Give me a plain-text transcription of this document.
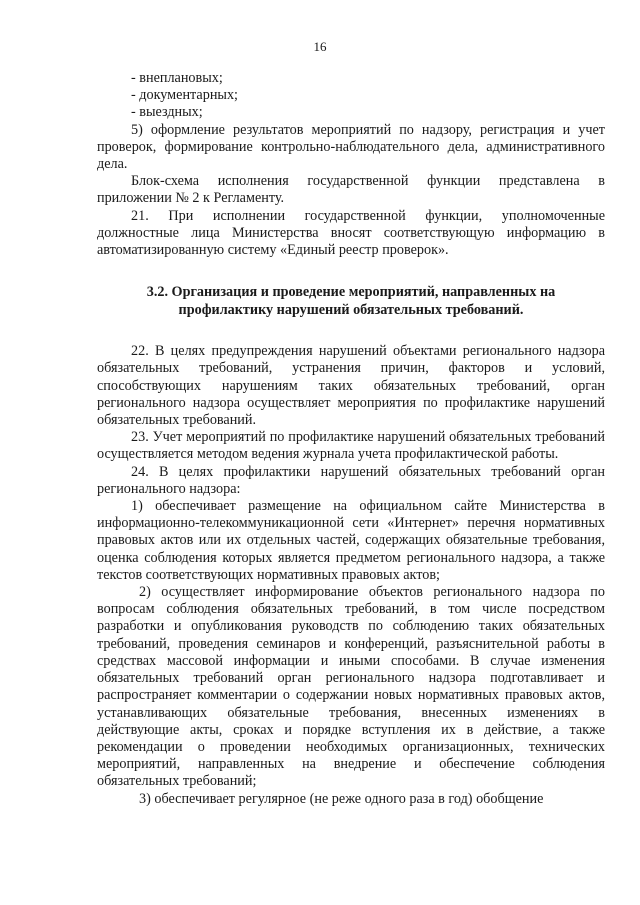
16

- внеплановых;

- документарных;

- выездных;

5) оформление результатов мероприятий по надзору, регистрация и учет проверок, формирование контрольно-наблюдательного дела, административного дела.

Блок-схема исполнения государственной функции представлена в приложении № 2 к Регламенту.

21. При исполнении государственной функции, уполномоченные должностные лица Министерства вносят соответствующую информацию в автоматизированную систему «Единый реестр проверок».

3.2. Организация и проведение мероприятий, направленных на профилактику нарушений обязательных требований.

22. В целях предупреждения нарушений объектами регионального надзора обязательных требований, устранения причин, факторов и условий, способствующих нарушениям таких обязательных требований, орган регионального надзора осуществляет мероприятия по профилактике нарушений обязательных требований.

23. Учет мероприятий по профилактике нарушений обязательных требований осуществляется методом ведения журнала учета профилактической работы.

24. В целях профилактики нарушений обязательных требований орган регионального надзора:

1) обеспечивает размещение на официальном сайте Министерства в информационно-телекоммуникационной сети «Интернет» перечня нормативных правовых актов или их отдельных частей, содержащих обязательные требования, оценка соблюдения которых является предметом регионального надзора, а также текстов соответствующих нормативных правовых актов;

2) осуществляет информирование объектов регионального надзора по вопросам соблюдения обязательных требований, в том числе посредством разработки и опубликования руководств по соблюдению таких обязательных требований, проведения семинаров и конференций, разъяснительной работы в средствах массовой информации и иными способами. В случае изменения обязательных требований орган регионального надзора подготавливает и распространяет комментарии о содержании новых нормативных правовых актов, устанавливающих обязательные требования, внесенных изменениях в действующие акты, сроках и порядке вступления их в действие, а также рекомендации о проведении необходимых организационных, технических мероприятий, направленных на внедрение и обеспечение соблюдения обязательных требований;

3) обеспечивает регулярное (не реже одного раза в год) обобщение
